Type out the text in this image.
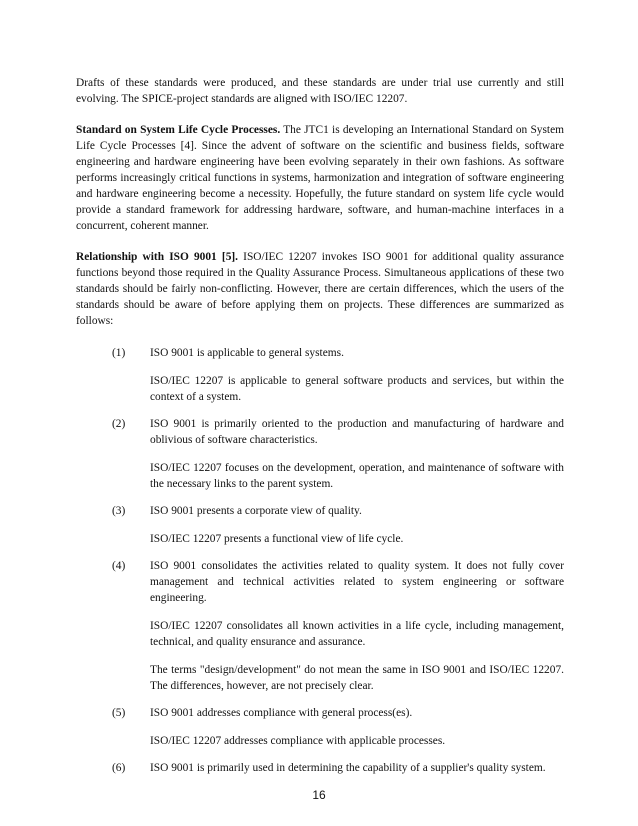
Drafts of these standards were produced, and these standards are under trial use currently and still evolving. The SPICE-project standards are aligned with ISO/IEC 12207.

Standard on System Life Cycle Processes. The JTC1 is developing an International Standard on System Life Cycle Processes [4]. Since the advent of software on the scientific and business fields, software engineering and hardware engineering have been evolving separately in their own fashions. As software performs increasingly critical functions in systems, harmonization and integration of software engineering and hardware engineering become a necessity. Hopefully, the future standard on system life cycle would provide a standard framework for addressing hardware, software, and human-machine interfaces in a concurrent, coherent manner.

Relationship with ISO 9001 [5]. ISO/IEC 12207 invokes ISO 9001 for additional quality assurance functions beyond those required in the Quality Assurance Process. Simultaneous applications of these two standards should be fairly non-conflicting. However, there are certain differences, which the users of the standards should be aware of before applying them on projects. These differences are summarized as follows:

(1) ISO 9001 is applicable to general systems.

ISO/IEC 12207 is applicable to general software products and services, but within the context of a system.

(2) ISO 9001 is primarily oriented to the production and manufacturing of hardware and oblivious of software characteristics.

ISO/IEC 12207 focuses on the development, operation, and maintenance of software with the necessary links to the parent system.

(3) ISO 9001 presents a corporate view of quality.

ISO/IEC 12207 presents a functional view of life cycle.

(4) ISO 9001 consolidates the activities related to quality system. It does not fully cover management and technical activities related to system engineering or software engineering.

ISO/IEC 12207 consolidates all known activities in a life cycle, including management, technical, and quality ensurance and assurance.

The terms "design/development" do not mean the same in ISO 9001 and ISO/IEC 12207. The differences, however, are not precisely clear.

(5) ISO 9001 addresses compliance with general process(es).

ISO/IEC 12207 addresses compliance with applicable processes.

(6) ISO 9001 is primarily used in determining the capability of a supplier's quality system.

16
